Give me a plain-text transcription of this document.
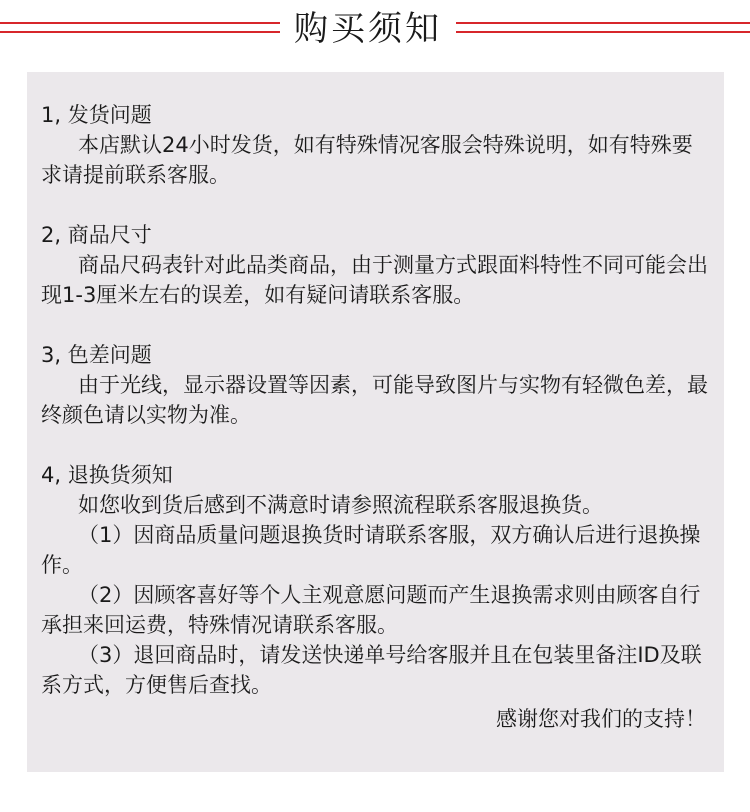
购买须知

1, 发货问题

本店默认24小时发货，如有特殊情况客服会特殊说明，如有特殊要求请提前联系客服。

2, 商品尺寸

商品尺码表针对此品类商品，由于测量方式跟面料特性不同可能会出现1-3厘米左右的误差，如有疑问请联系客服。

3, 色差问题

由于光线，显示器设置等因素，可能导致图片与实物有轻微色差，最终颜色请以实物为准。

4, 退换货须知

如您收到货后感到不满意时请参照流程联系客服退换货。

（1）因商品质量问题退换货时请联系客服，双方确认后进行退换操作。

（2）因顾客喜好等个人主观意愿问题而产生退换需求则由顾客自行承担来回运费，特殊情况请联系客服。

（3）退回商品时，请发送快递单号给客服并且在包装里备注ID及联系方式，方便售后查找。

感谢您对我们的支持！
